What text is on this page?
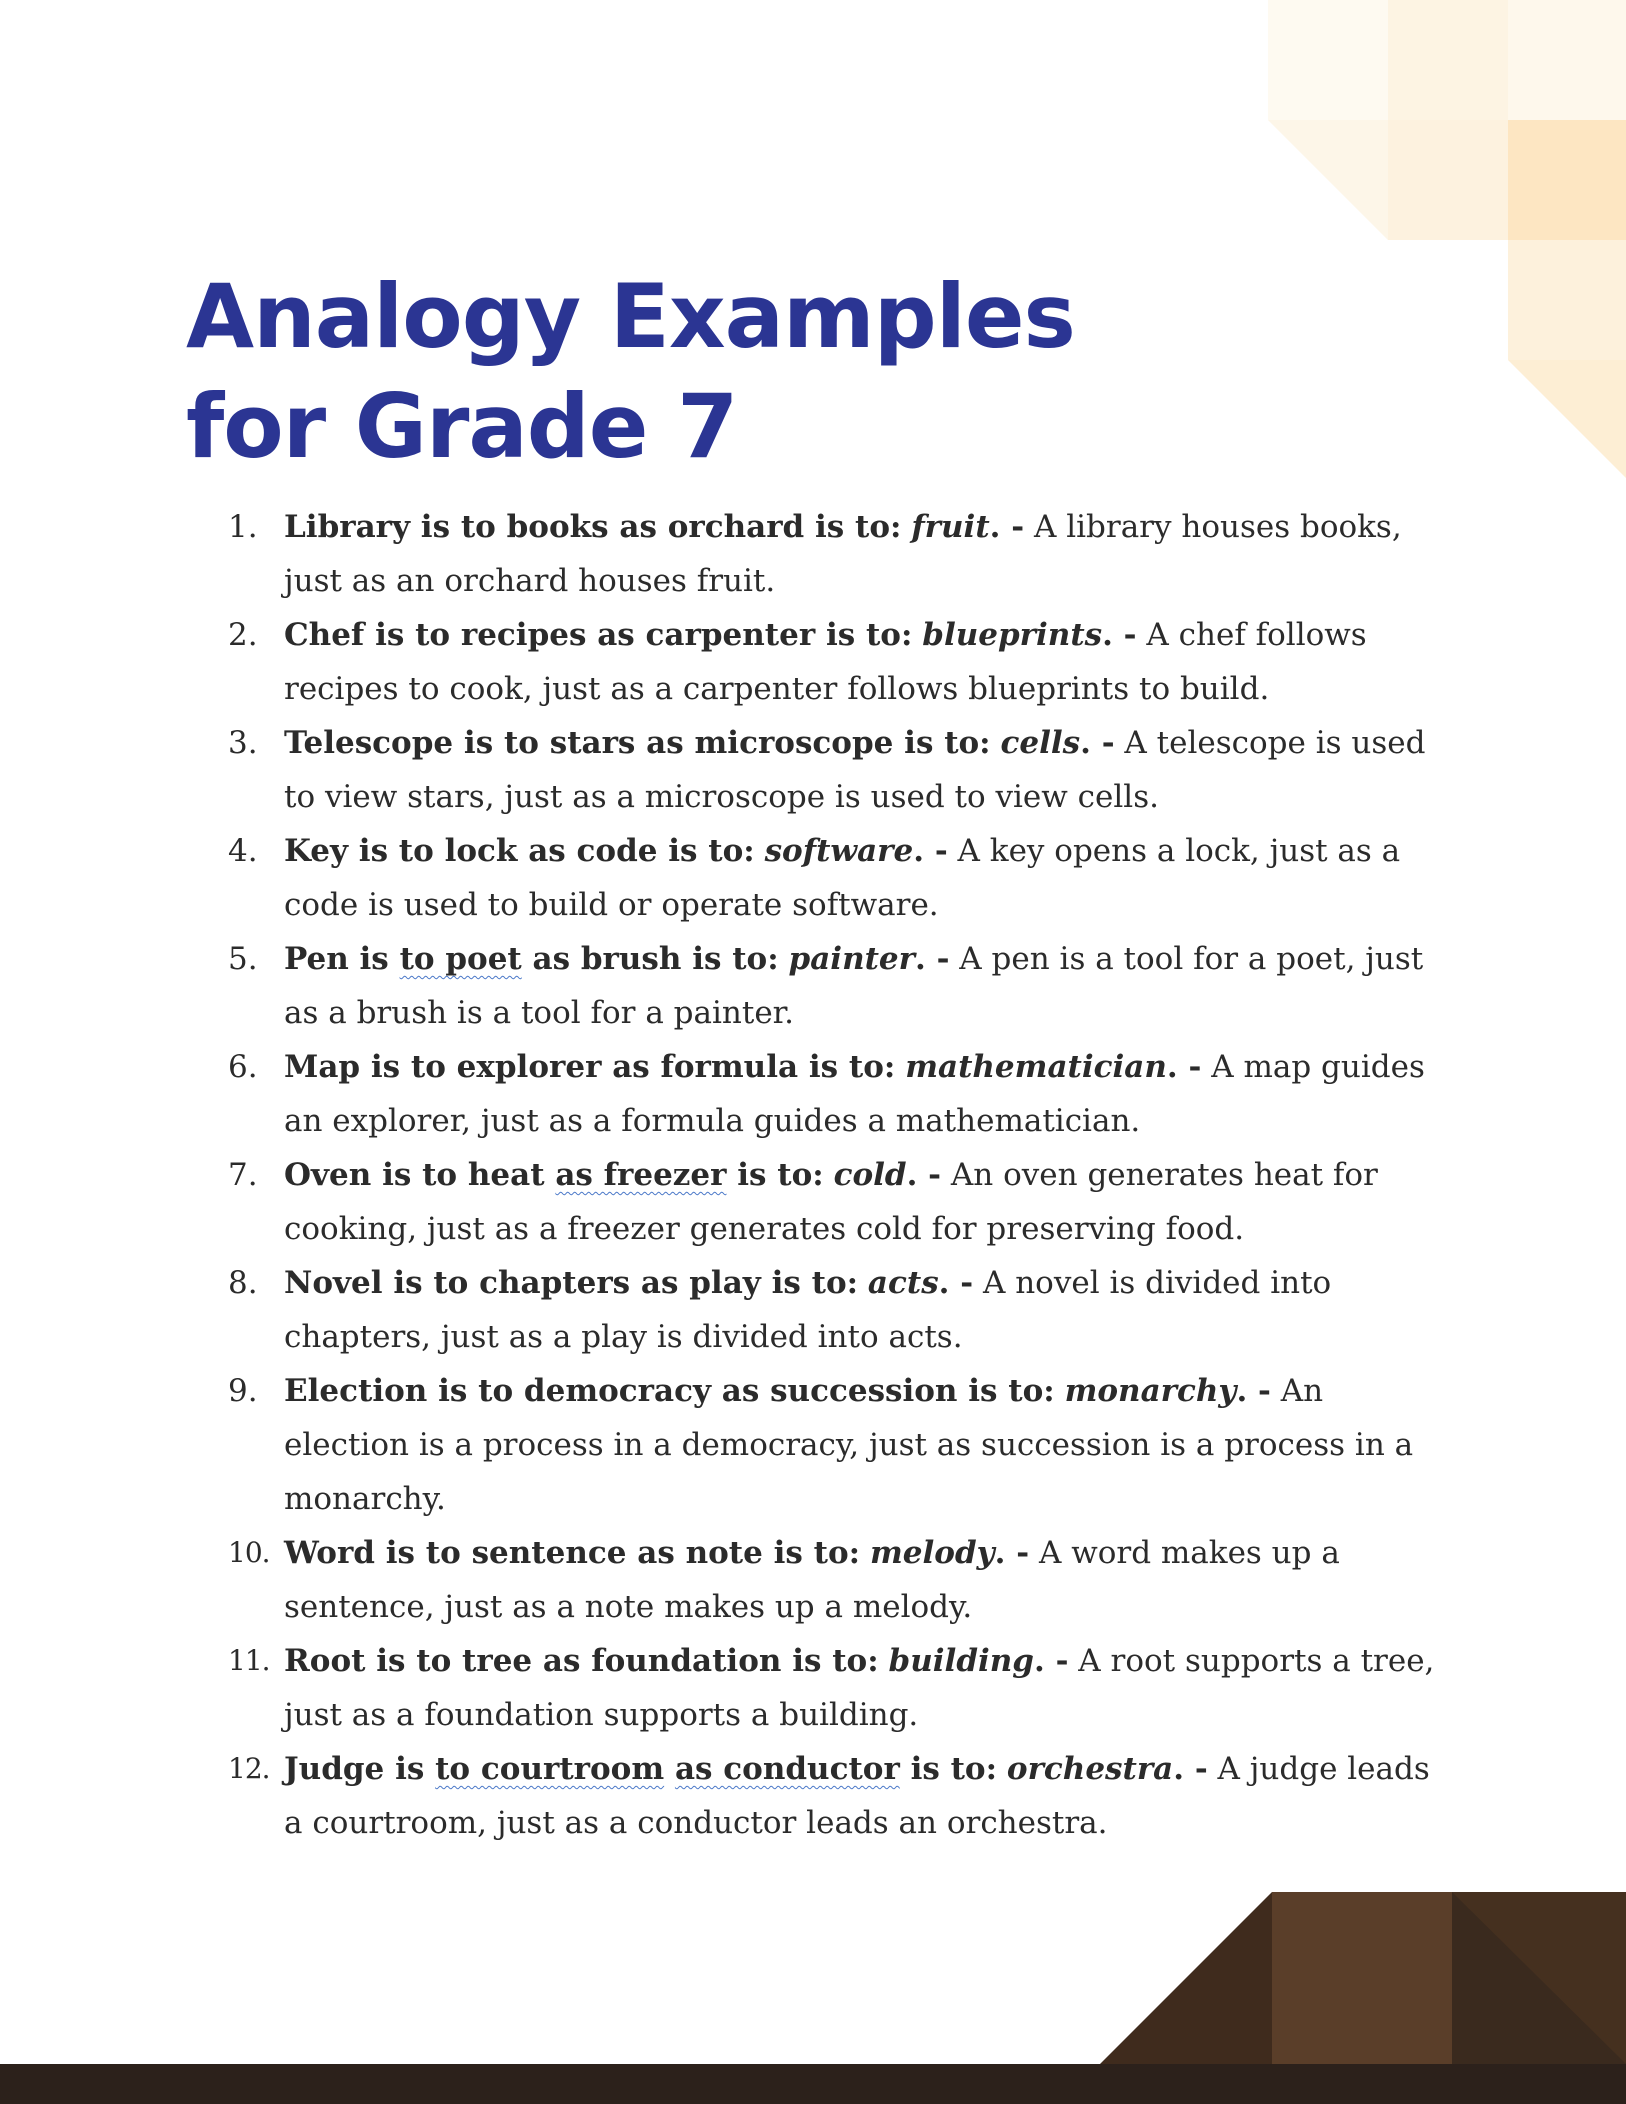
Analogy Examples
for Grade 7
1. Library is to books as orchard is to: fruit. - A library houses books, just as an orchard houses fruit.
2. Chef is to recipes as carpenter is to: blueprints. - A chef follows recipes to cook, just as a carpenter follows blueprints to build.
3. Telescope is to stars as microscope is to: cells. - A telescope is used to view stars, just as a microscope is used to view cells.
4. Key is to lock as code is to: software. - A key opens a lock, just as a code is used to build or operate software.
5. Pen is to poet as brush is to: painter. - A pen is a tool for a poet, just as a brush is a tool for a painter.
6. Map is to explorer as formula is to: mathematician. - A map guides an explorer, just as a formula guides a mathematician.
7. Oven is to heat as freezer is to: cold. - An oven generates heat for cooking, just as a freezer generates cold for preserving food.
8. Novel is to chapters as play is to: acts. - A novel is divided into chapters, just as a play is divided into acts.
9. Election is to democracy as succession is to: monarchy. - An election is a process in a democracy, just as succession is a process in a monarchy.
10. Word is to sentence as note is to: melody. - A word makes up a sentence, just as a note makes up a melody.
11. Root is to tree as foundation is to: building. - A root supports a tree, just as a foundation supports a building.
12. Judge is to courtroom as conductor is to: orchestra. - A judge leads a courtroom, just as a conductor leads an orchestra.
